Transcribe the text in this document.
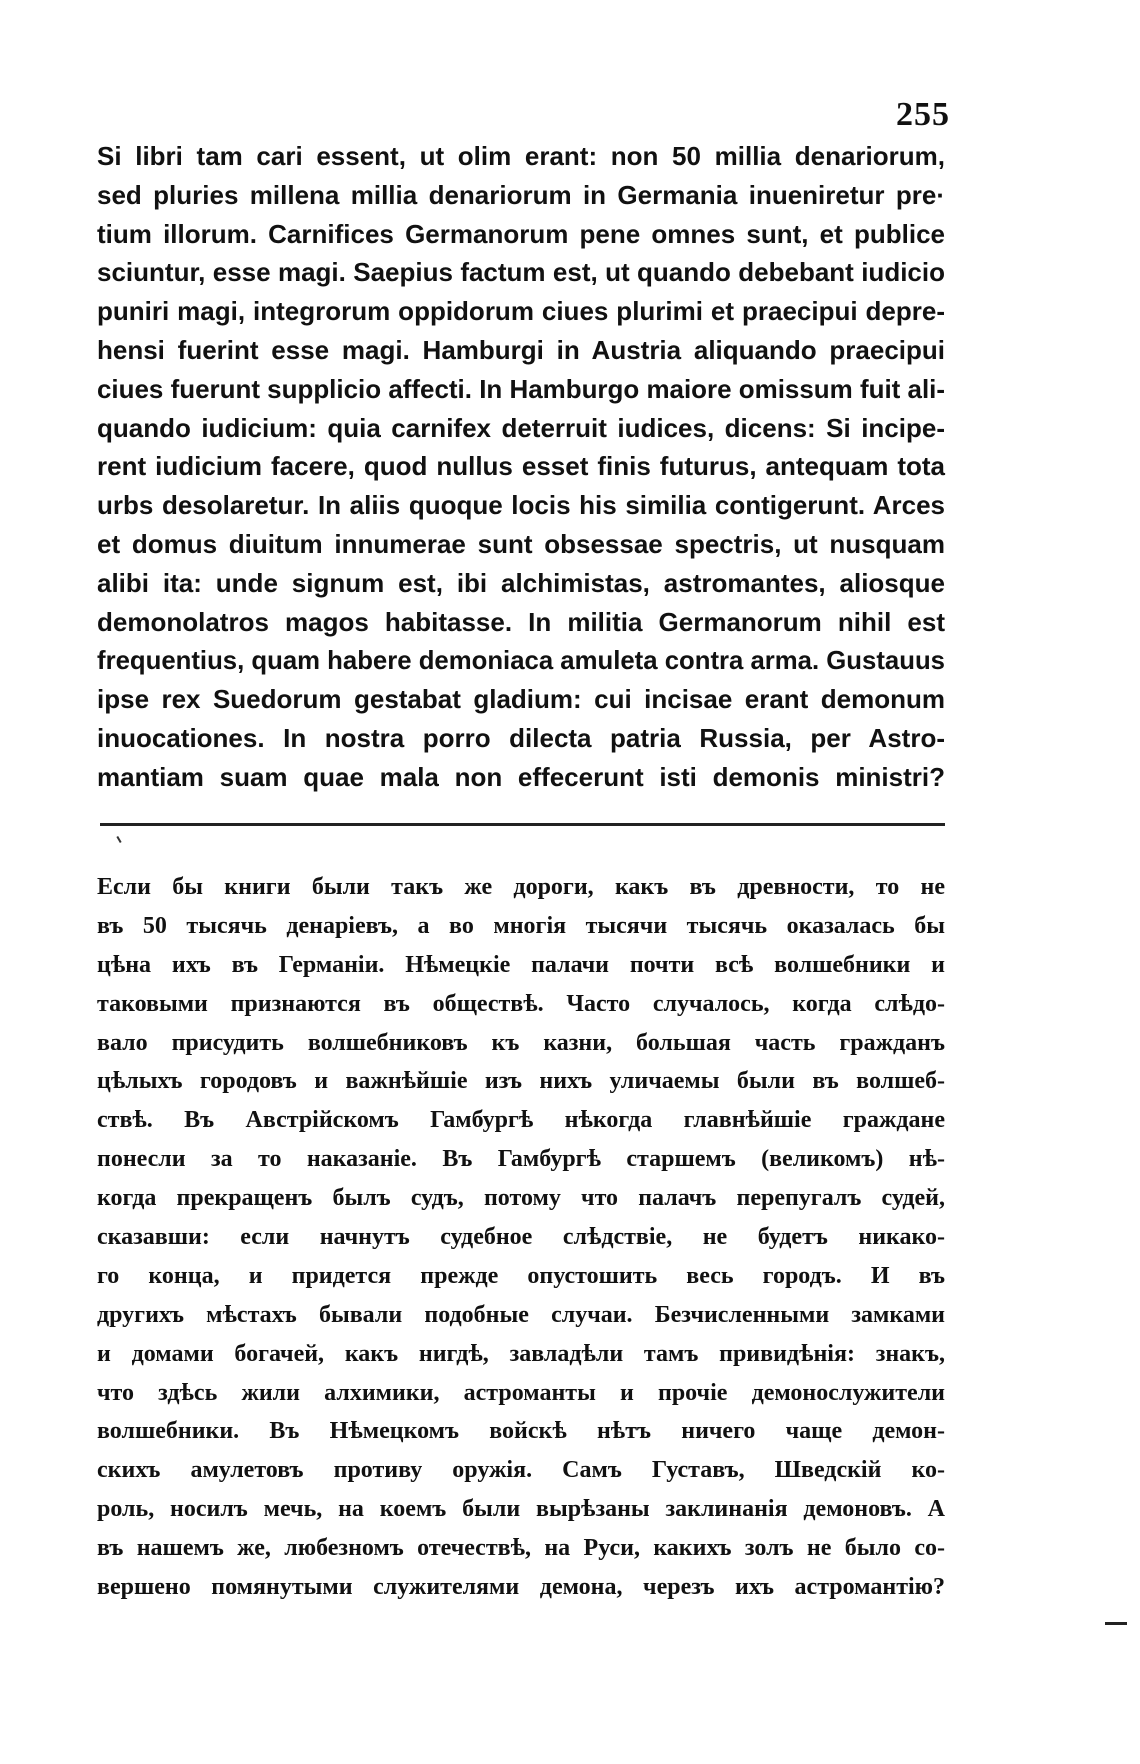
255
Si libri tam cari essent, ut olim erant: non 50 millia denariorum,
sed pluries millena millia denariorum in Germania inueniretur pre·
tium illorum. Carnifices Germanorum pene omnes sunt, et publice
sciuntur, esse magi. Saepius factum est, ut quando debebant iudicio
puniri magi, integrorum oppidorum ciues plurimi et praecipui depre-
hensi fuerint esse magi. Hamburgi in Austria aliquando praecipui
ciues fuerunt supplicio affecti. In Hamburgo maiore omissum fuit ali-
quando iudicium: quia carnifex deterruit iudices, dicens: Si incipe-
rent iudicium facere, quod nullus esset finis futurus, antequam tota
urbs desolaretur. In aliis quoque locis his similia contigerunt. Arces
et domus diuitum innumerae sunt obsessae spectris, ut nusquam
alibi ita: unde signum est, ibi alchimistas, astromantes, aliosque
demonolatros magos habitasse. In militia Germanorum nihil est
frequentius, quam habere demoniaca amuleta contra arma. Gustauus
ipse rex Suedorum gestabat gladium: cui incisae erant demonum
inuocationes. In nostra porro dilecta patria Russia, per Astro-
mantiam suam quae mala non effecerunt isti demonis ministri?
Если бы книги были такъ же дороги, какъ въ древности, то не
въ 50 тысячь денаріевъ, а во многія тысячи тысячь оказалась бы
цѣна ихъ въ Германіи. Нѣмецкіе палачи почти всѣ волшебники и
таковыми признаются въ обществѣ. Часто случалось, когда слѣдо-
вало присудить волшебниковъ къ казни, большая часть гражданъ
цѣлыхъ городовъ и важнѣйшіе изъ нихъ уличаемы были въ волшеб-
ствѣ. Въ Австрійскомъ Гамбургѣ нѣкогда главнѣйшіе граждане
понесли за то наказаніе. Въ Гамбургѣ старшемъ (великомъ) нѣ-
когда прекращенъ былъ судъ, потому что палачъ перепугалъ судей,
сказавши: если начнутъ судебное слѣдствіе, не будетъ никако-
го конца, и придется прежде опустошить весь городъ. И въ
другихъ мѣстахъ бывали подобные случаи. Безчисленными замками
и домами богачей, какъ нигдѣ, завладѣли тамъ привидѣнія: знакъ,
что здѣсь жили алхимики, астроманты и прочіе демонослужители
волшебники. Въ Нѣмецкомъ войскѣ нѣтъ ничего чаще демон-
скихъ амулетовъ противу оружія. Самъ Густавъ, Шведскій ко-
роль, носилъ мечь, на коемъ были вырѣзаны заклинанія демоновъ. А
въ нашемъ же, любезномъ отечествѣ, на Руси, какихъ золъ не было со-
вершено помянутыми служителями демона, черезъ ихъ астромантію?
